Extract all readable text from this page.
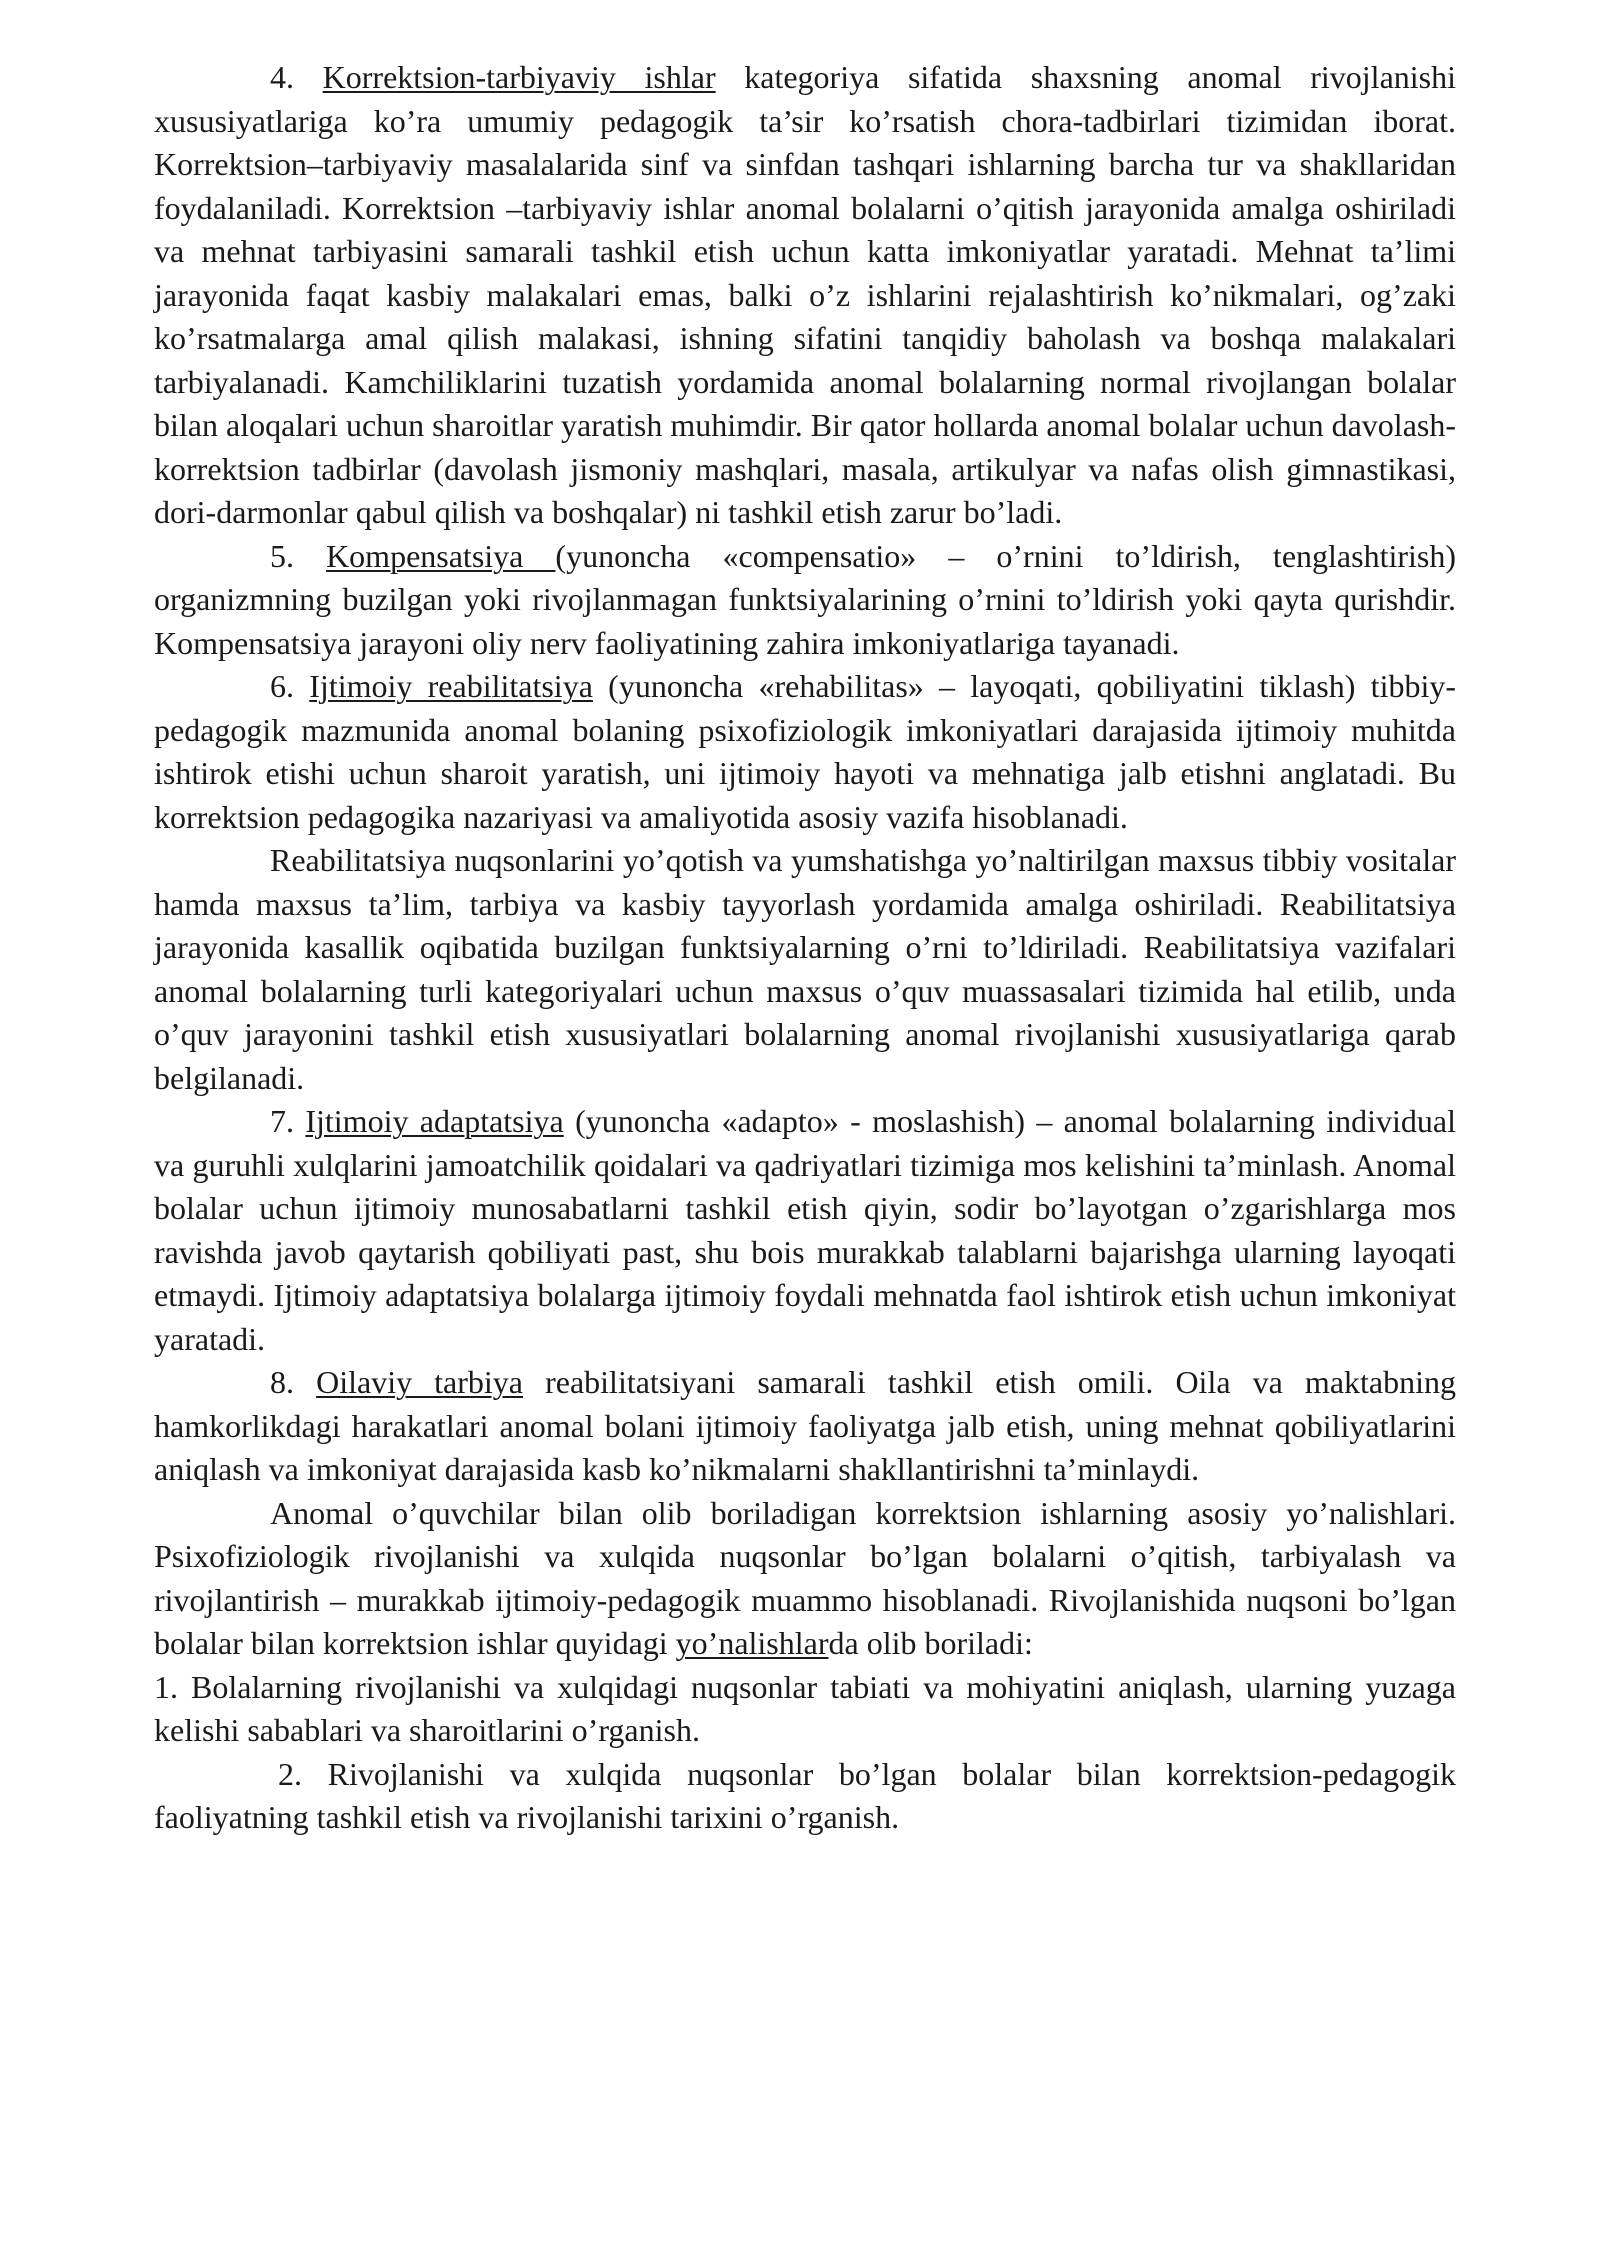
4. Korrektsion-tarbiyaviy ishlar kategoriya sifatida shaxsning anomal rivojlanishi xususiyatlariga ko’ra umumiy pedagogik ta’sir ko’rsatish chora-tadbirlari tizimidan iborat. Korrektsion–tarbiyaviy masalalarida sinf va sinfdan tashqari ishlarning barcha tur va shakllaridan foydalaniladi. Korrektsion –tarbiyaviy ishlar anomal bolalarni o’qitish jarayonida amalga oshiriladi va mehnat tarbiyasini samarali tashkil etish uchun katta imkoniyatlar yaratadi. Mehnat ta’limi jarayonida faqat kasbiy malakalari emas, balki o’z ishlarini rejalashtirish ko’nikmalari, og’zaki ko’rsatmalarga amal qilish malakasi, ishning sifatini tanqidiy baholash va boshqa malakalari tarbiyalanadi. Kamchiliklarini tuzatish yordamida anomal bolalarning normal rivojlangan bolalar bilan aloqalari uchun sharoitlar yaratish muhimdir. Bir qator hollarda anomal bolalar uchun davolash-korrektsion tadbirlar (davolash jismoniy mashqlari, masala, artikulyar va nafas olish gimnastikasi, dori-darmonlar qabul qilish va boshqalar) ni tashkil etish zarur bo’ladi.

5. Kompensatsiya (yunoncha «compensatio» – o’rnini to’ldirish, tenglashtirish) organizmning buzilgan yoki rivojlanmagan funktsiyalarining o’rnini to’ldirish yoki qayta qurishdir. Kompensatsiya jarayoni oliy nerv faoliyatining zahira imkoniyatlariga tayanadi.

6. Ijtimoiy reabilitatsiya (yunoncha «rehabilitas» – layoqati, qobiliyatini tiklash) tibbiy-pedagogik mazmunida anomal bolaning psixofiziologik imkoniyatlari darajasida ijtimoiy muhitda ishtirok etishi uchun sharoit yaratish, uni ijtimoiy hayoti va mehnatiga jalb etishni anglatadi. Bu korrektsion pedagogika nazariyasi va amaliyotida asosiy vazifa hisoblanadi.

Reabilitatsiya nuqsonlarini yo’qotish va yumshatishga yo’naltirilgan maxsus tibbiy vositalar hamda maxsus ta’lim, tarbiya va kasbiy tayyorlash yordamida amalga oshiriladi. Reabilitatsiya jarayonida kasallik oqibatida buzilgan funktsiyalarning o’rni to’ldiriladi. Reabilitatsiya vazifalari anomal bolalarning turli kategoriyalari uchun maxsus o’quv muassasalari tizimida hal etilib, unda o’quv jarayonini tashkil etish xususiyatlari bolalarning anomal rivojlanishi xususiyatlariga qarab belgilanadi.

7. Ijtimoiy adaptatsiya (yunoncha «adapto» - moslashish) – anomal bolalarning individual va guruhli xulqlarini jamoatchilik qoidalari va qadriyatlari tizimiga mos kelishini ta’minlash. Anomal bolalar uchun ijtimoiy munosabatlarni tashkil etish qiyin, sodir bo’layotgan o’zgarishlarga mos ravishda javob qaytarish qobiliyati past, shu bois murakkab talablarni bajarishga ularning layoqati etmaydi. Ijtimoiy adaptatsiya bolalarga ijtimoiy foydali mehnatda faol ishtirok etish uchun imkoniyat yaratadi.

8. Oilaviy tarbiya reabilitatsiyani samarali tashkil etish omili. Oila va maktabning hamkorlikdagi harakatlari anomal bolani ijtimoiy faoliyatga jalb etish, uning mehnat qobiliyatlarini aniqlash va imkoniyat darajasida kasb ko’nikmalarni shakllantirishni ta’minlaydi.

Anomal o’quvchilar bilan olib boriladigan korrektsion ishlarning asosiy yo’nalishlari. Psixofiziologik rivojlanishi va xulqida nuqsonlar bo’lgan bolalarni o’qitish, tarbiyalash va rivojlantirish – murakkab ijtimoiy-pedagogik muammo hisoblanadi. Rivojlanishida nuqsoni bo’lgan bolalar bilan korrektsion ishlar quyidagi yo’nalishlarda olib boriladi:

1. Bolalarning rivojlanishi va xulqidagi nuqsonlar tabiati va mohiyatini aniqlash, ularning yuzaga kelishi sabablari va sharoitlarini o’rganish.

2. Rivojlanishi va xulqida nuqsonlar bo’lgan bolalar bilan korrektsion-pedagogik faoliyatning tashkil etish va rivojlanishi tarixini o’rganish.
